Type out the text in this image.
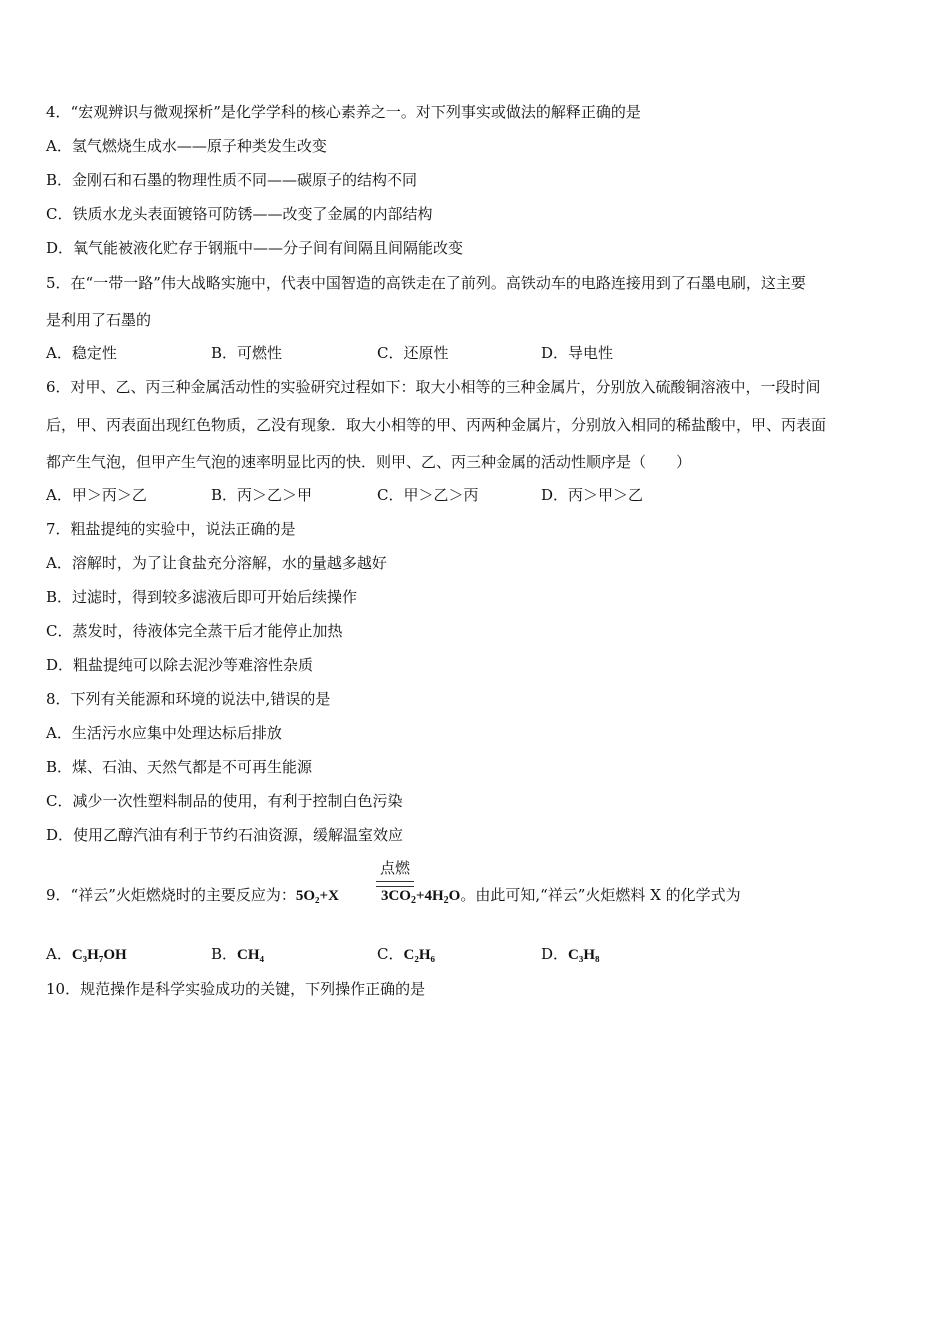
4．“宏观辨识与微观探析”是化学学科的核心素养之一。对下列事实或做法的解释正确的是
A．氢气燃烧生成水——原子种类发生改变
B．金刚石和石墨的物理性质不同——碳原子的结构不同
C．铁质水龙头表面镀铬可防锈——改变了金属的内部结构
D．氧气能被液化贮存于钢瓶中——分子间有间隔且间隔能改变
5．在“一带一路”伟大战略实施中，代表中国智造的高铁走在了前列。高铁动车的电路连接用到了石墨电刷，这主要
是利用了石墨的
A．稳定性	B．可燃性	C．还原性	D．导电性
6．对甲、乙、丙三种金属活动性的实验研究过程如下：取大小相等的三种金属片，分别放入硫酸铜溶液中，一段时间
后，甲、丙表面出现红色物质，乙没有现象．取大小相等的甲、丙两种金属片，分别放入相同的稀盐酸中，甲、丙表面
都产生气泡，但甲产生气泡的速率明显比丙的快．则甲、乙、丙三种金属的活动性顺序是（　　）
A．甲＞丙＞乙	B．丙＞乙＞甲	C．甲＞乙＞丙	D．丙＞甲＞乙
7．粗盐提纯的实验中，说法正确的是
A．溶解时，为了让食盐充分溶解，水的量越多越好
B．过滤时，得到较多滤液后即可开始后续操作
C．蒸发时，待液体完全蒸干后才能停止加热
D．粗盐提纯可以除去泥沙等难溶性杂质
8．下列有关能源和环境的说法中,错误的是
A．生活污水应集中处理达标后排放
B．煤、石油、天然气都是不可再生能源
C．减少一次性塑料制品的使用，有利于控制白色污染
D．使用乙醇汽油有利于节约石油资源，缓解温室效应
点燃
9．“祥云”火炬燃烧时的主要反应为：5O₂+X	$3CO_2+4H_2O$。由此可知,“祥云”火炬燃料 X 的化学式为
A．C₃H₇OH	B．CH₄	C．C₂H₆	D．C₃H₈
10．规范操作是科学实验成功的关键，下列操作正确的是
